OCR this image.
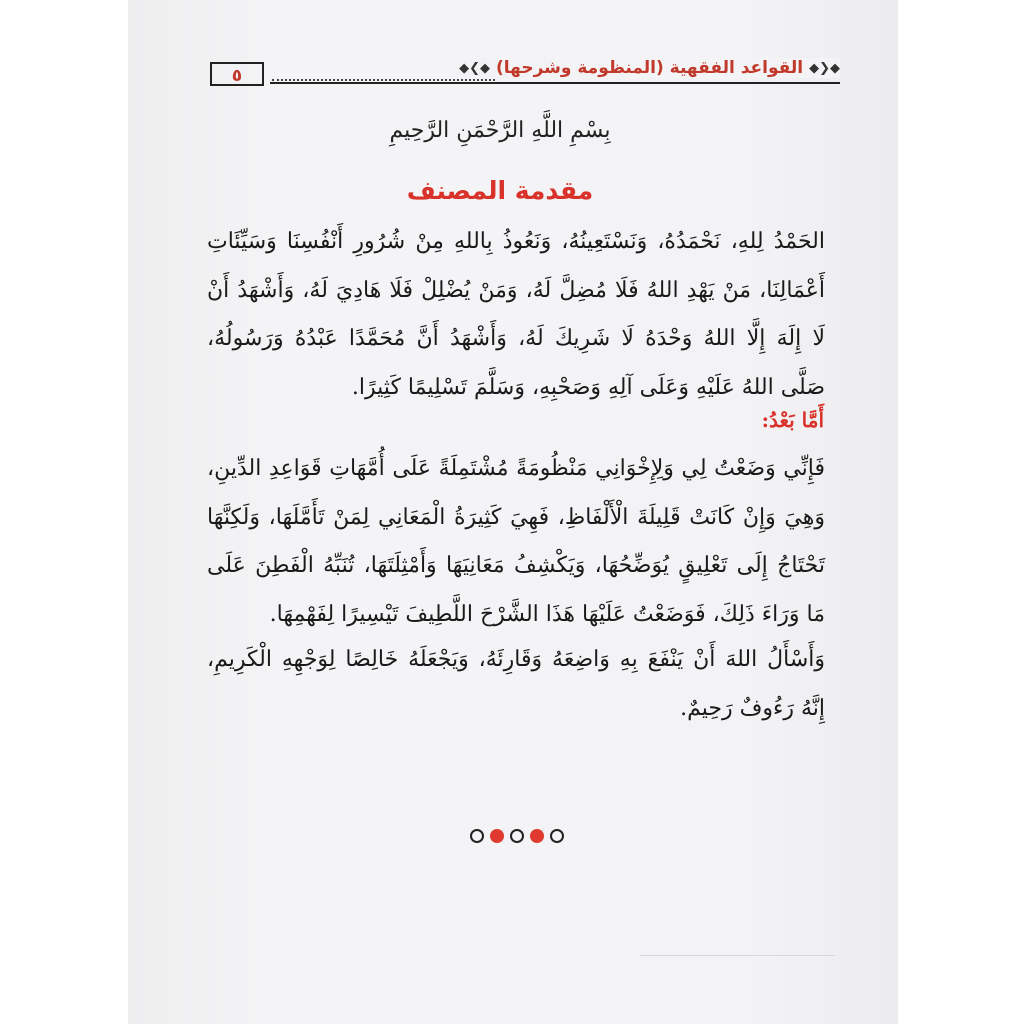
٥	◆❮◆ القواعد الفقهية (المنظومة وشرحها) ◆❯◆
بِسْمِ اللَّهِ الرَّحْمَنِ الرَّحِيمِ
مقدمة المصنف
الحَمْدُ لِلهِ، نَحْمَدُهُ، وَنَسْتَعِينُهُ، وَنَعُوذُ بِاللهِ مِنْ شُرُورِ أَنْفُسِنَا وَسَيِّئَاتِ أَعْمَالِنَا، مَنْ يَهْدِ اللهُ فَلَا مُضِلَّ لَهُ، وَمَنْ يُضْلِلْ فَلَا هَادِيَ لَهُ، وَأَشْهَدُ أَنْ لَا إِلَهَ إِلَّا اللهُ وَحْدَهُ لَا شَرِيكَ لَهُ، وَأَشْهَدُ أَنَّ مُحَمَّدًا عَبْدُهُ وَرَسُولُهُ، صَلَّى اللهُ عَلَيْهِ وَعَلَى آلِهِ وَصَحْبِهِ، وَسَلَّمَ تَسْلِيمًا كَثِيرًا.
أَمَّا بَعْدُ:
فَإِنِّي وَضَعْتُ لِي وَلِإِخْوَانِي مَنْظُومَةً مُشْتَمِلَةً عَلَى أُمَّهَاتِ قَوَاعِدِ الدِّينِ، وَهِيَ وَإِنْ كَانَتْ قَلِيلَةَ الْأَلْفَاظِ، فَهِيَ كَثِيرَةُ الْمَعَانِي لِمَنْ تَأَمَّلَهَا، وَلَكِنَّهَا تَحْتَاجُ إِلَى تَعْلِيقٍ يُوَضِّحُهَا، وَيَكْشِفُ مَعَانِيَهَا وَأَمْثِلَتَهَا، تُنَبِّهُ الْفَطِنَ عَلَى مَا وَرَاءَ ذَلِكَ، فَوَضَعْتُ عَلَيْهَا هَذَا الشَّرْحَ اللَّطِيفَ تَيْسِيرًا لِفَهْمِهَا.
وَأَسْأَلُ اللهَ أَنْ يَنْفَعَ بِهِ وَاضِعَهُ وَقَارِئَهُ، وَيَجْعَلَهُ خَالِصًا لِوَجْهِهِ الْكَرِيمِ، إِنَّهُ رَءُوفٌ رَحِيمٌ.
